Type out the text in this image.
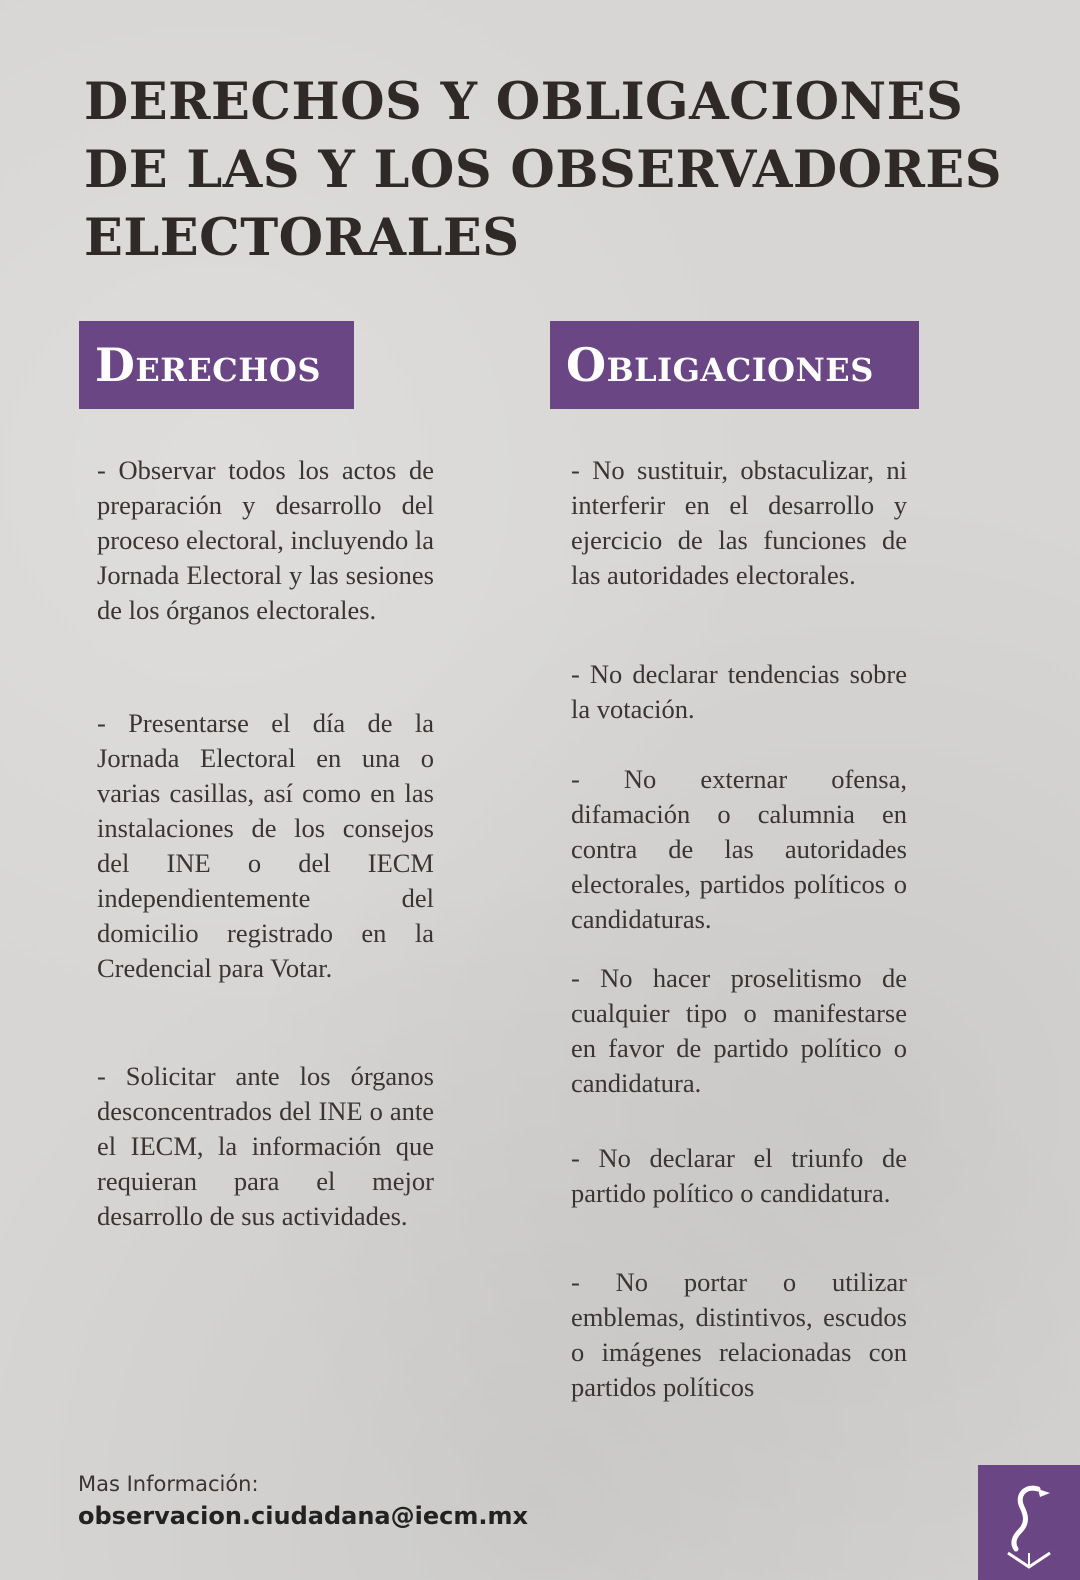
DERECHOS Y OBLIGACIONES
DE LAS Y LOS OBSERVADORES
ELECTORALES
Derechos	Obligaciones

- Observar todos los actos de preparación y desarrollo del proceso electoral, incluyendo la Jornada Electoral y las sesiones de los órganos electorales.

- Presentarse el día de la Jornada Electoral en una o varias casillas, así como en las instalaciones de los consejos del INE o del IECM independientemente del domicilio registrado en la Credencial para Votar.

- Solicitar ante los órganos desconcentrados del INE o ante el IECM, la información que requieran para el mejor desarrollo de sus actividades.

- No sustituir, obstaculizar, ni interferir en el desarrollo y ejercicio de las funciones de las autoridades electorales.

- No declarar tendencias sobre la votación.

- No externar ofensa, difamación o calumnia en contra de las autoridades electorales, partidos políticos o candidaturas.

- No hacer proselitismo de cualquier tipo o manifestarse en favor de partido político o candidatura.

- No declarar el triunfo de partido político o candidatura.

- No portar o utilizar emblemas, distintivos, escudos o imágenes relacionadas con partidos políticos

Mas Información:
observacion.ciudadana@iecm.mx
